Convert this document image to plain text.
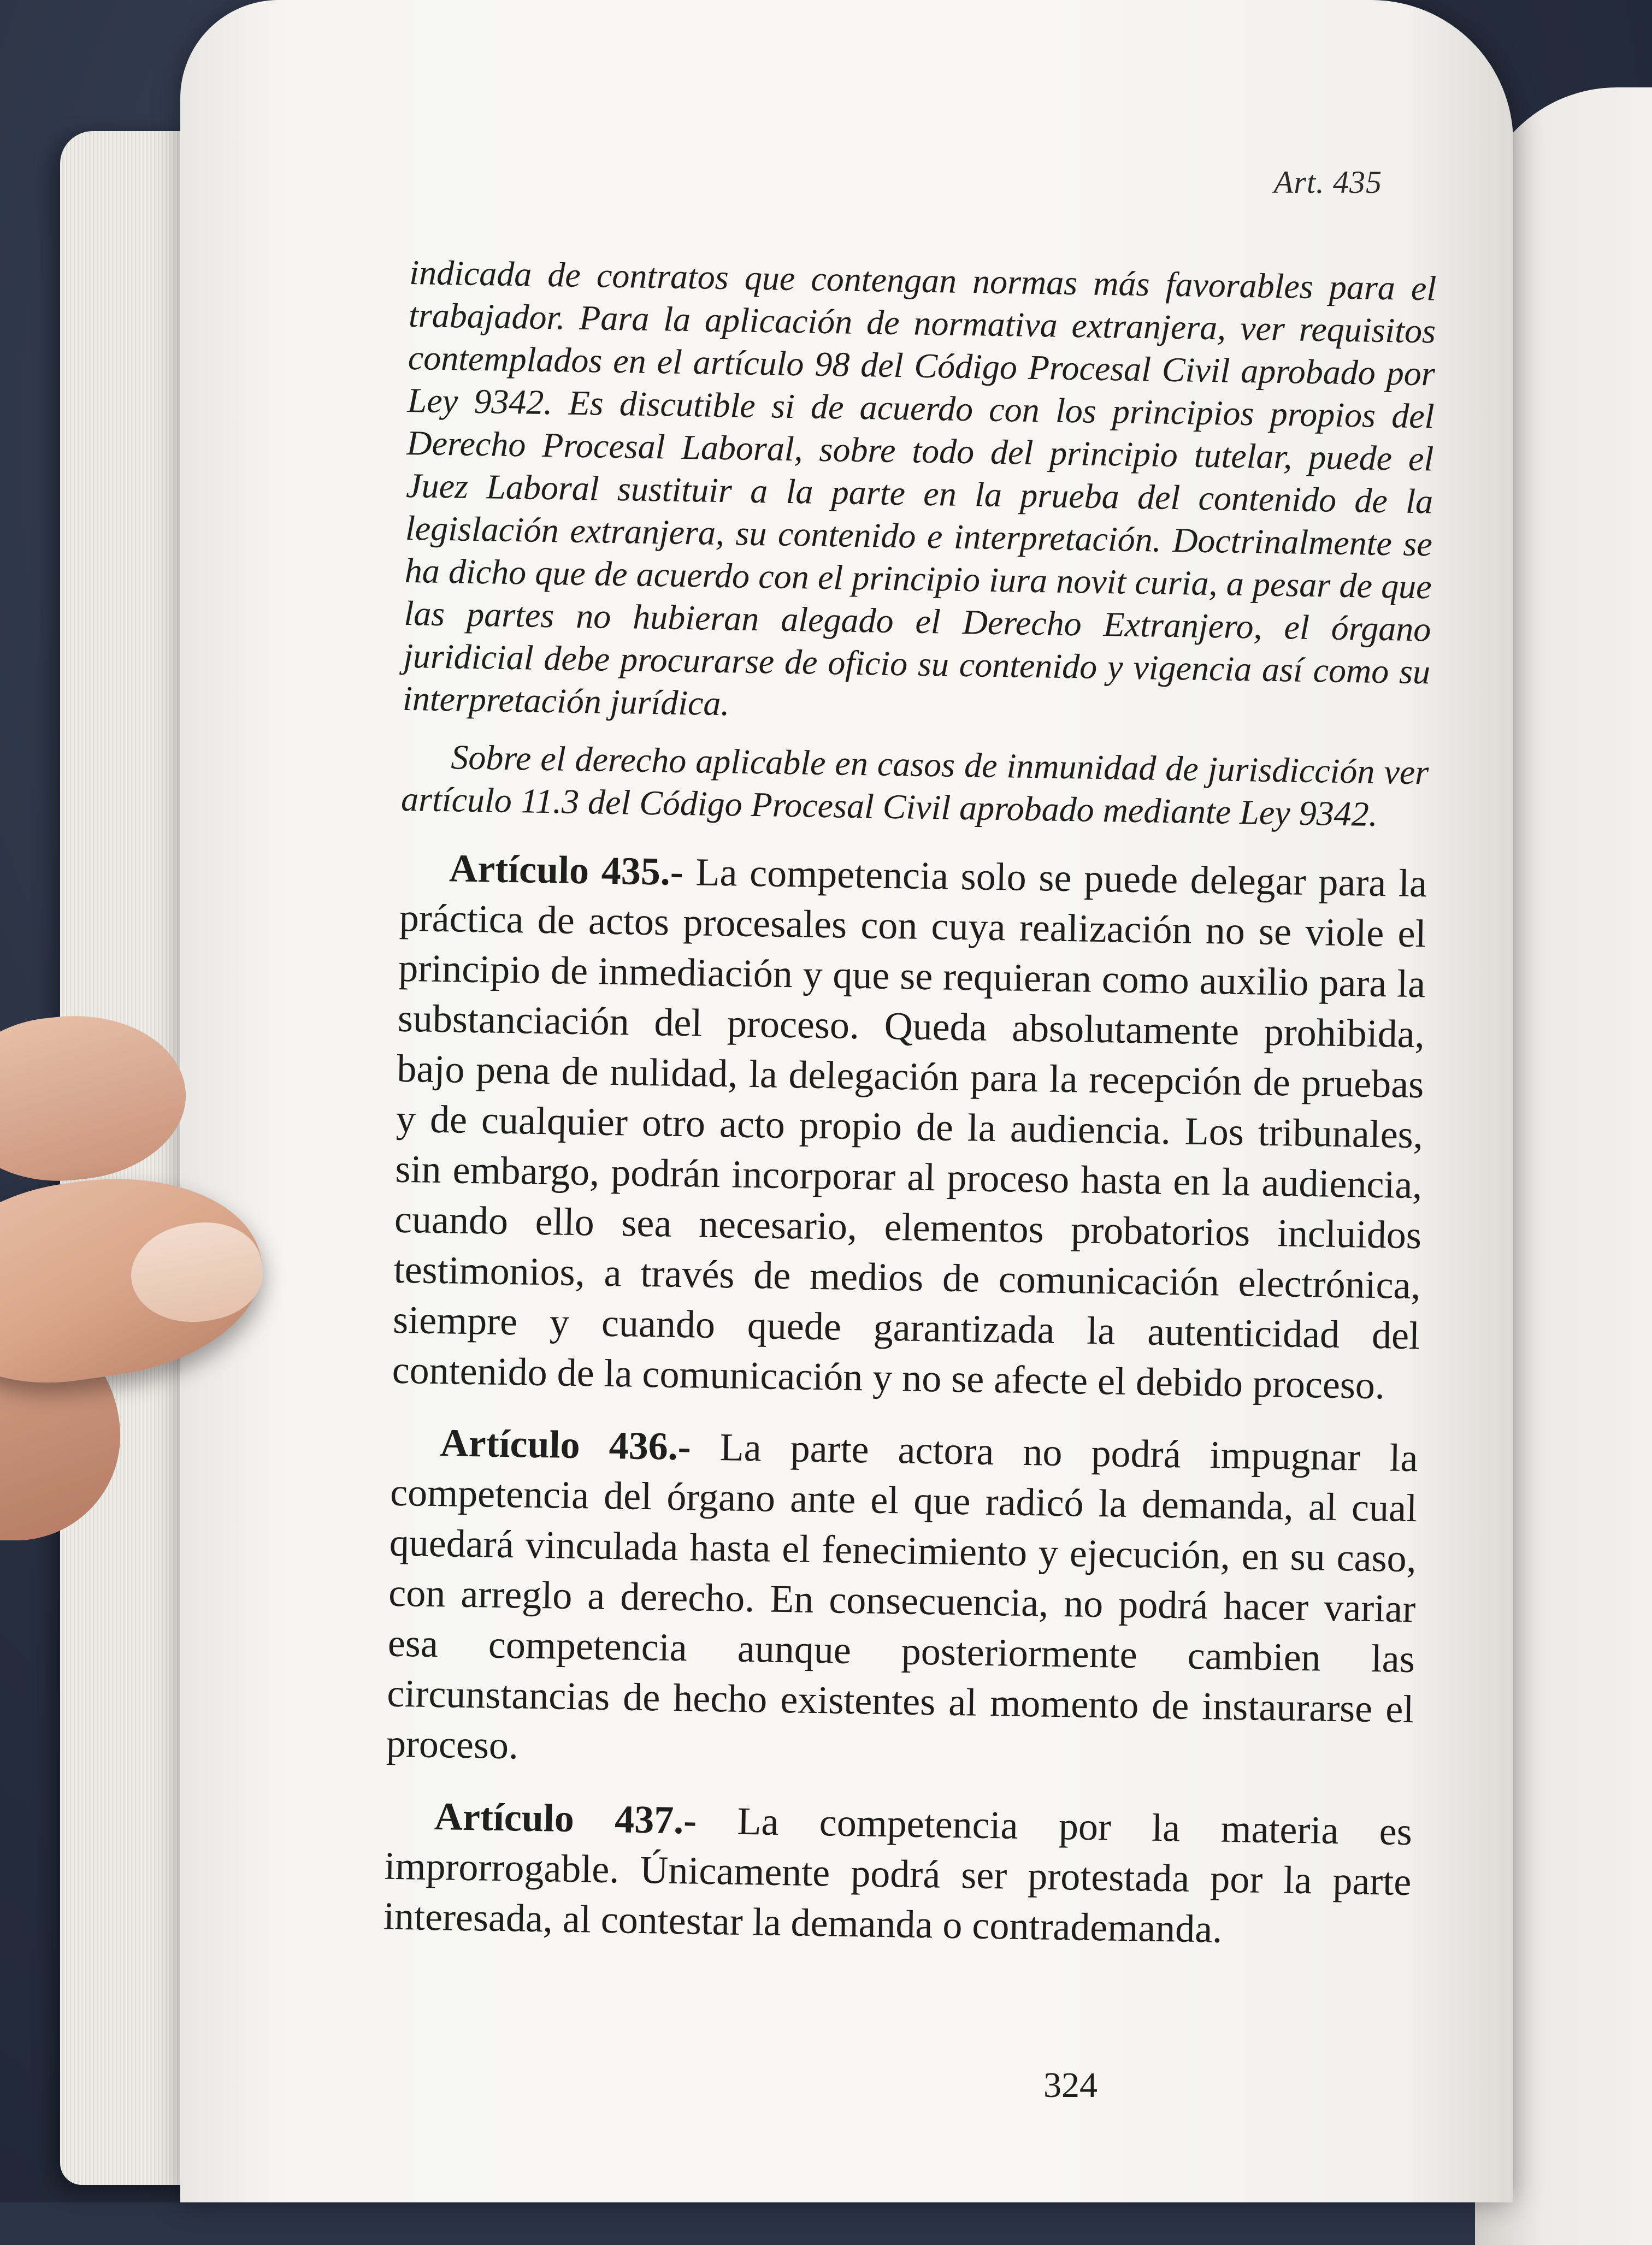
Art. 435

indicada de contratos que contengan normas más favorables para el trabajador. Para la aplicación de normativa extranjera, ver requisitos contemplados en el artículo 98 del Código Procesal Civil aprobado por Ley 9342. Es discutible si de acuerdo con los principios propios del Derecho Procesal Laboral, sobre todo del principio tutelar, puede el Juez Laboral sustituir a la parte en la prueba del contenido de la legislación extranjera, su contenido e interpretación. Doctrinalmente se ha dicho que de acuerdo con el principio iura novit curia, a pesar de que las partes no hubieran alegado el Derecho Extranjero, el órgano juridicial debe procurarse de oficio su contenido y vigencia así como su interpretación jurídica.

Sobre el derecho aplicable en casos de inmunidad de jurisdicción ver artículo 11.3 del Código Procesal Civil aprobado mediante Ley 9342.

Artículo 435.- La competencia solo se puede delegar para la práctica de actos procesales con cuya realización no se viole el principio de inmediación y que se requieran como auxilio para la substanciación del proceso. Queda absolutamente prohibida, bajo pena de nulidad, la delegación para la recepción de pruebas y de cualquier otro acto propio de la audiencia. Los tribunales, sin embargo, podrán incorporar al proceso hasta en la audiencia, cuando ello sea necesario, elementos probatorios incluidos testimonios, a través de medios de comunicación electrónica, siempre y cuando quede garantizada la autenticidad del contenido de la comunicación y no se afecte el debido proceso.

Artículo 436.- La parte actora no podrá impugnar la competencia del órgano ante el que radicó la demanda, al cual quedará vinculada hasta el fenecimiento y ejecución, en su caso, con arreglo a derecho. En consecuencia, no podrá hacer variar esa competencia aunque posteriormente cambien las circunstancias de hecho existentes al momento de instaurarse el proceso.

Artículo 437.- La competencia por la materia es improrrogable. Únicamente podrá ser protestada por la parte interesada, al contestar la demanda o contrademanda.

324
